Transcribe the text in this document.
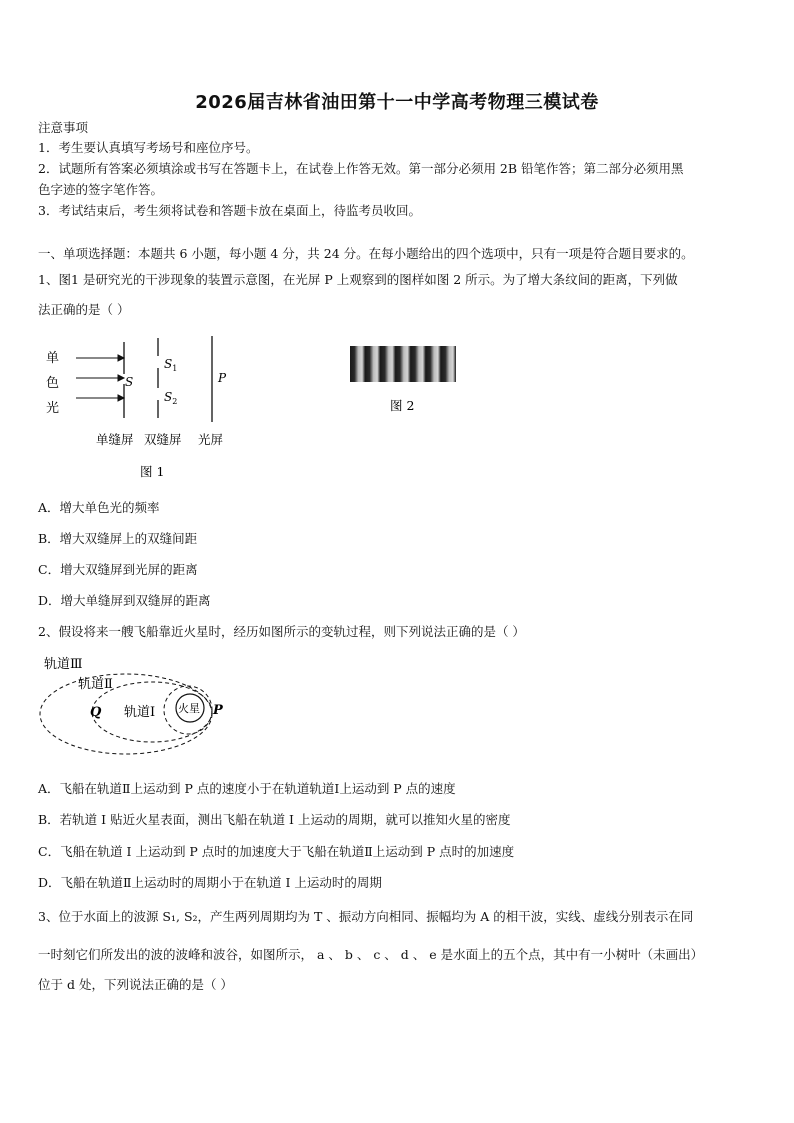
2026届吉林省油田第十一中学高考物理三模试卷
注意事项
1．考生要认真填写考场号和座位序号。
2．试题所有答案必须填涂或书写在答题卡上，在试卷上作答无效。第一部分必须用 2B 铅笔作答；第二部分必须用黑
色字迹的签字笔作答。
3．考试结束后，考生须将试卷和答题卡放在桌面上，待监考员收回。
一、单项选择题：本题共 6 小题，每小题 4 分，共 24 分。在每小题给出的四个选项中，只有一项是符合题目要求的。
1、图1 是研究光的干涉现象的装置示意图，在光屏 P 上观察到的图样如图 2 所示。为了增大条纹间的距离，下列做
法正确的是（ ）
单
色
光
S
$S_1$
$S_2$
P
单缝屏 双缝屏 光屏
图 1
图 2
A．增大单色光的频率
B．增大双缝屏上的双缝间距
C．增大双缝屏到光屏的距离
D．增大单缝屏到双缝屏的距离
2、假设将来一艘飞船靠近火星时，经历如图所示的变轨过程，则下列说法正确的是（ ）
火星
轨道Ⅲ
轨道Ⅱ
轨道Ⅰ
Q	P
A．飞船在轨道Ⅱ上运动到 P 点的速度小于在轨道轨道Ⅰ上运动到 P 点的速度
B．若轨道 I 贴近火星表面，测出飞船在轨道 I 上运动的周期，就可以推知火星的密度
C．飞船在轨道 I 上运动到 P 点时的加速度大于飞船在轨道Ⅱ上运动到 P 点时的加速度
D．飞船在轨道Ⅱ上运动时的周期小于在轨道 I 上运动时的周期
3、位于水面上的波源 S₁, S₂，产生两列周期均为 T 、振动方向相同、振幅均为 A 的相干波，实线、虚线分别表示在同
一时刻它们所发出的波的波峰和波谷，如图所示， a 、 b 、 c 、 d 、 e 是水面上的五个点，其中有一小树叶（未画出）
位于 d 处，下列说法正确的是（ ）
